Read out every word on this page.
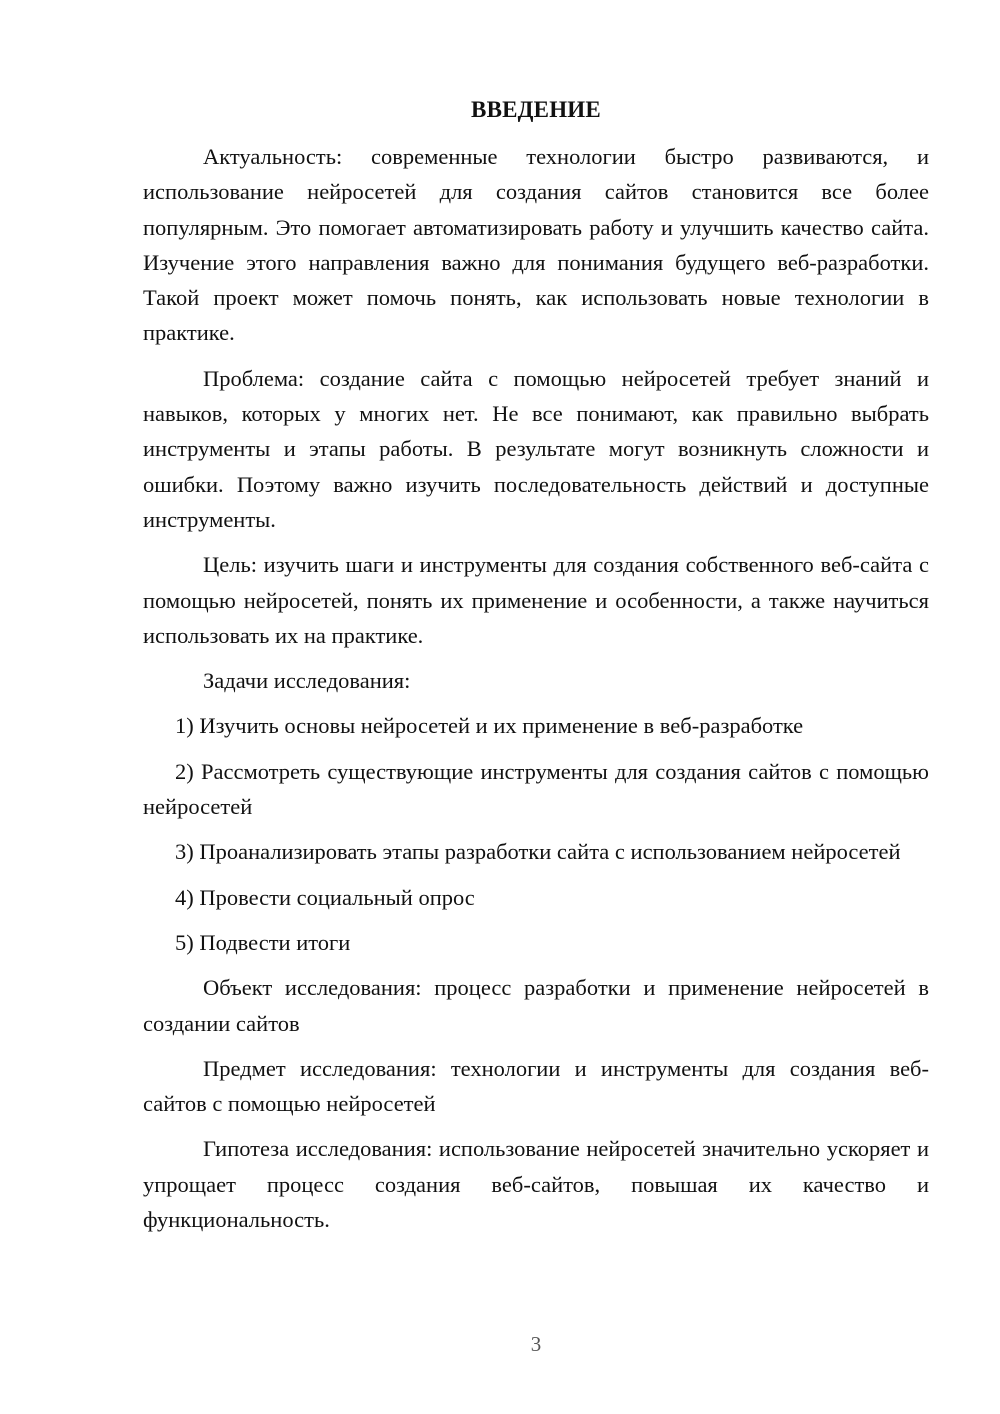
ВВЕДЕНИЕ

Актуальность: современные технологии быстро развиваются, и использование нейросетей для создания сайтов становится все более популярным. Это помогает автоматизировать работу и улучшить качество сайта. Изучение этого направления важно для понимания будущего веб-разработки. Такой проект может помочь понять, как использовать новые технологии в практике.

Проблема: создание сайта с помощью нейросетей требует знаний и навыков, которых у многих нет. Не все понимают, как правильно выбрать инструменты и этапы работы. В результате могут возникнуть сложности и ошибки. Поэтому важно изучить последовательность действий и доступные инструменты.

Цель: изучить шаги и инструменты для создания собственного веб-сайта с помощью нейросетей, понять их применение и особенности, а также научиться использовать их на практике.

Задачи исследования:

1) Изучить основы нейросетей и их применение в веб-разработке

2) Рассмотреть существующие инструменты для создания сайтов с помощью нейросетей

3) Проанализировать этапы разработки сайта с использованием нейросетей

4) Провести социальный опрос

5) Подвести итоги

Объект исследования: процесс разработки и применение нейросетей в создании сайтов

Предмет исследования: технологии и инструменты для создания веб-сайтов с помощью нейросетей

Гипотеза исследования: использование нейросетей значительно ускоряет и упрощает процесс создания веб-сайтов, повышая их качество и функциональность.

3
